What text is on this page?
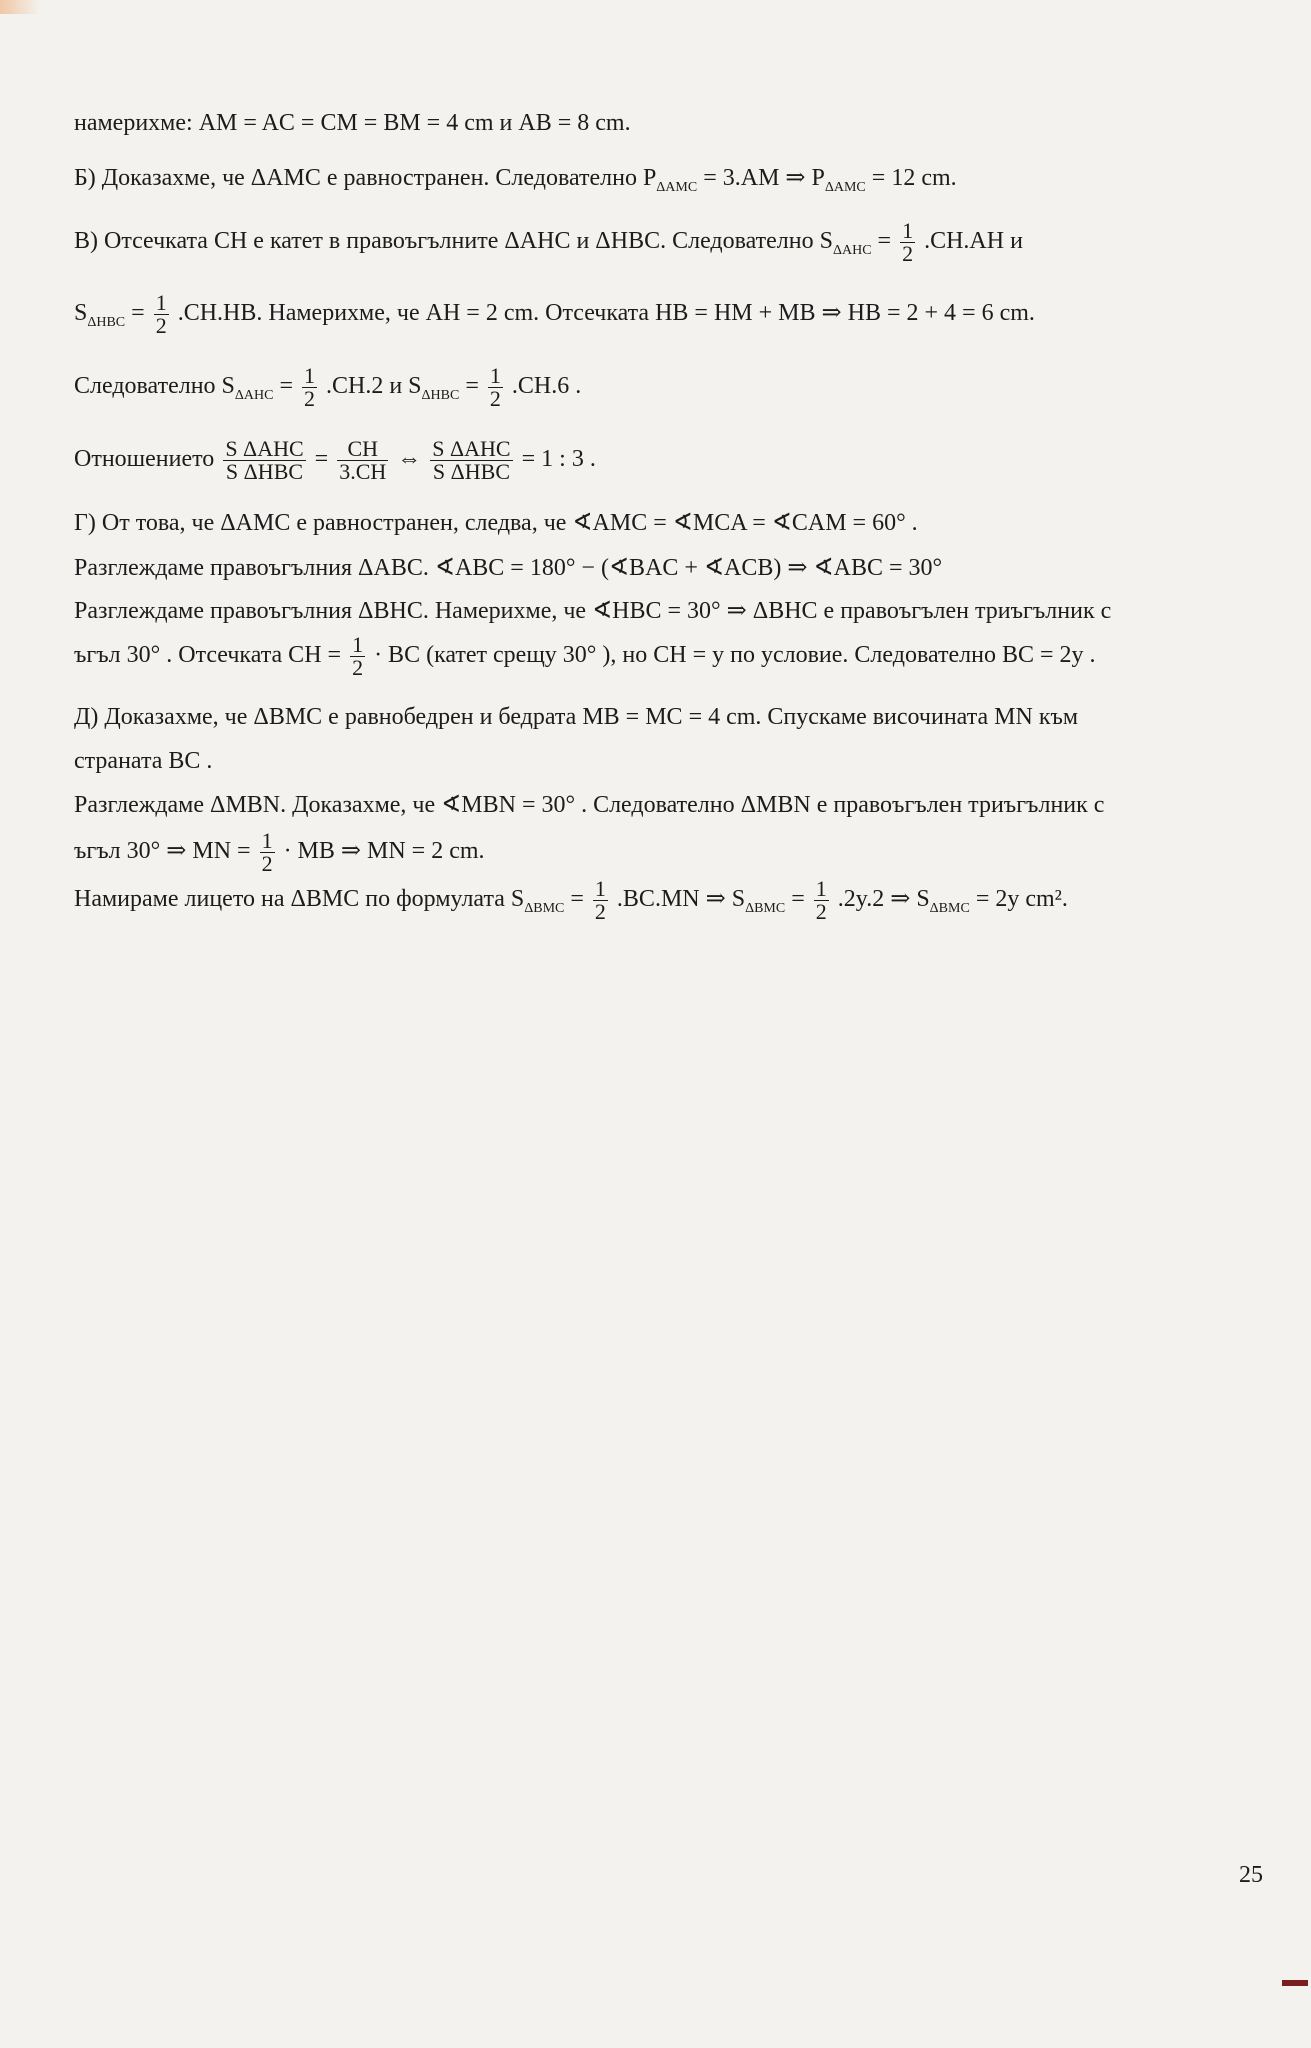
намерихме: AM = AC = CM = BM = 4 cm и AB = 8 cm.
Б) Доказахме, че ΔAMC е равностранен. Следователно $P_{\Delta AMC} = 3.AM$ ⇒ $P_{\Delta AMC} = 12$ cm.
В) Отсечката CH е катет в правоъгълните ΔAHC и ΔHBC. Следователно $S_{\Delta AHC} = \frac{1}{2} .CH.AH$ и
$S_{\Delta HBC} = \frac{1}{2} .CH.HB$. Намерихме, че AH = 2 cm. Отсечката HB = HM + MB ⇒ HB = 2 + 4 = 6 cm.
Следователно $S_{\Delta AHC} = \frac{1}{2} .CH.2$ и $S_{\Delta HBC} = \frac{1}{2} .CH.6$ .
Отношението $\frac{\text{S ΔAHC}}{\text{S ΔHBC}} = \frac{CH}{3.CH}$ ⇔ $\frac{\text{S ΔAHC}}{\text{S ΔHBC}} = 1$ : 3 .
Г) От това, че ΔAMC е равностранен, следва, че ∢AMC = ∢MCA = ∢CAM = 60° .
Разглеждаме правоъгълния ΔABC. ∢ABC = 180° − (∢BAC + ∢ACB) ⇒ ∢ABC = 30°
Разглеждаме правоъгълния ΔBHC. Намерихме, че ∢HBC = 30° ⇒ ΔBHC е правоъгълен триъгълник с
ъгъл 30° . Отсечката CH = $\frac{1}{2}$ · BC (катет срещу 30° ), но CH = y по условие. Следователно BC = 2y .
Д) Доказахме, че ΔBMC е равнобедрен и бедрата MB = MC = 4 cm. Спускаме височината MN към
страната BC .
Разглеждаме ΔMBN. Доказахме, че ∢MBN = 30° . Следователно ΔMBN е правоъгълен триъгълник с
ъгъл 30° ⇒ MN = $\frac{1}{2}$ · MB ⇒ MN = 2 cm.
Намираме лицето на ΔBMC по формулата $S_{\Delta BMC} = \frac{1}{2} .BC.MN$ ⇒ $S_{\Delta BMC} = \frac{1}{2} .2y.2$ ⇒ $S_{\Delta BMC} = 2y$ cm².
25
